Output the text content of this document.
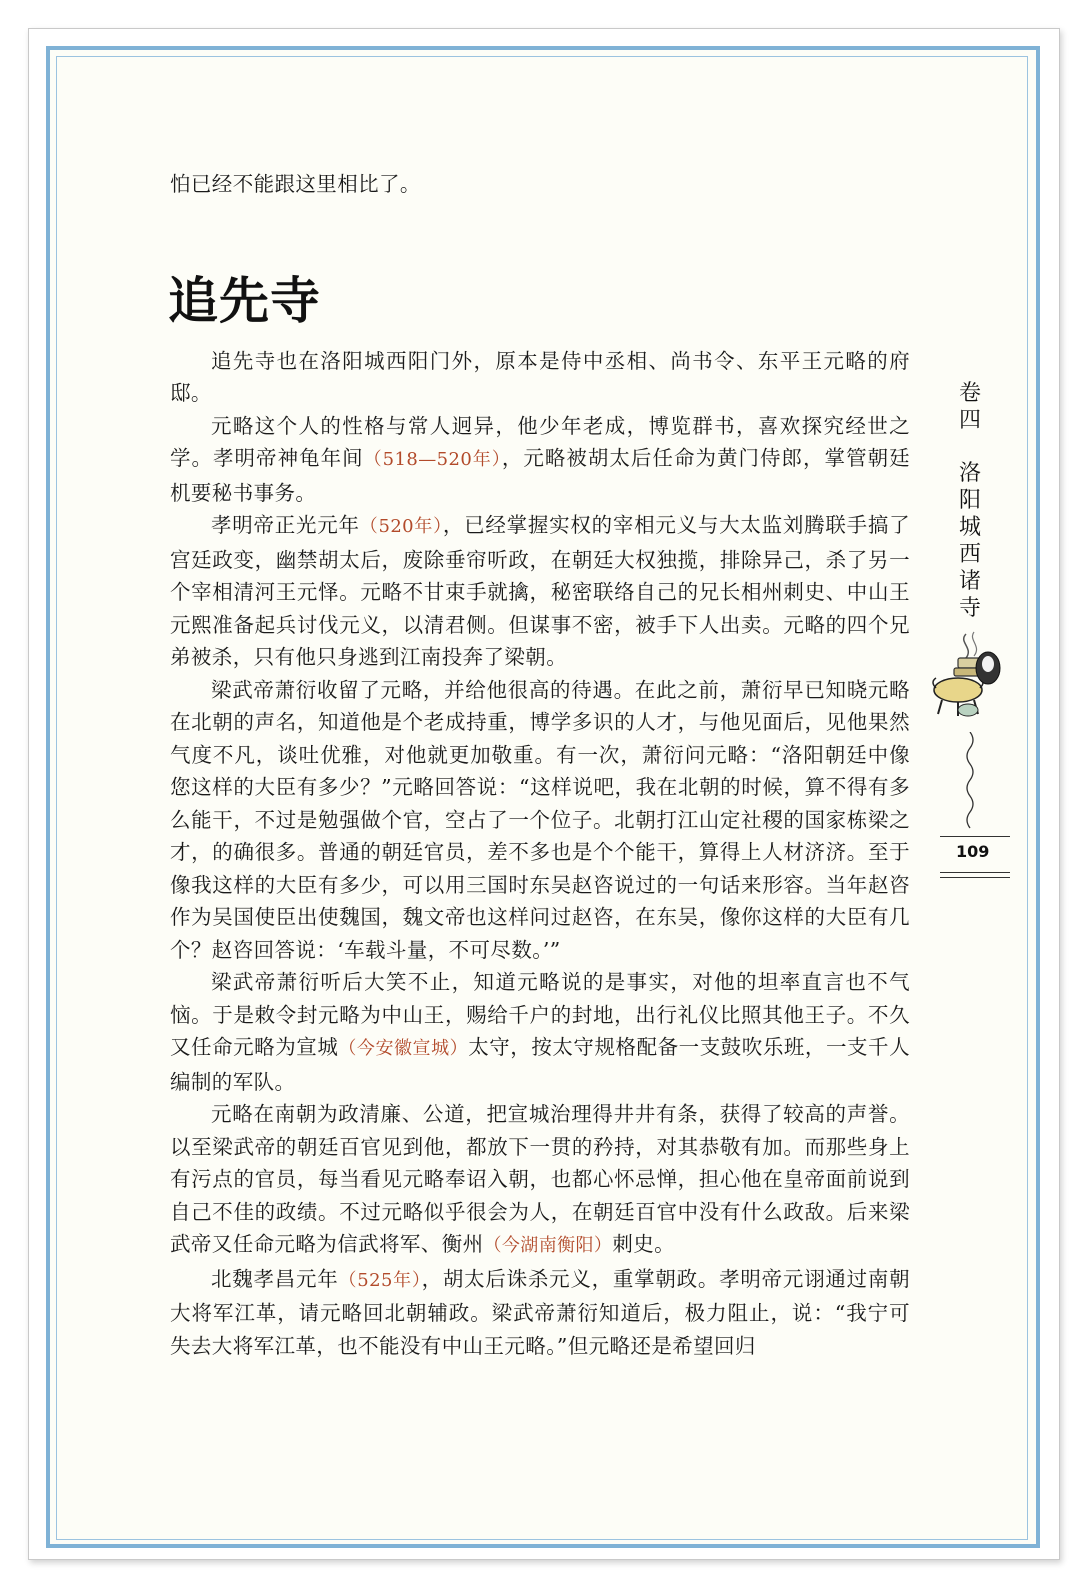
怕已经不能跟这里相比了。

追先寺

追先寺也在洛阳城西阳门外，原本是侍中丞相、尚书令、东平王元略的府邸。

元略这个人的性格与常人迥异，他少年老成，博览群书，喜欢探究经世之学。孝明帝神龟年间（518—520年），元略被胡太后任命为黄门侍郎，掌管朝廷机要秘书事务。

孝明帝正光元年（520年），已经掌握实权的宰相元义与大太监刘腾联手搞了宫廷政变，幽禁胡太后，废除垂帘听政，在朝廷大权独揽，排除异己，杀了另一个宰相清河王元怿。元略不甘束手就擒，秘密联络自己的兄长相州刺史、中山王元熙准备起兵讨伐元义，以清君侧。但谋事不密，被手下人出卖。元略的四个兄弟被杀，只有他只身逃到江南投奔了梁朝。

梁武帝萧衍收留了元略，并给他很高的待遇。在此之前，萧衍早已知晓元略在北朝的声名，知道他是个老成持重，博学多识的人才，与他见面后，见他果然气度不凡，谈吐优雅，对他就更加敬重。有一次，萧衍问元略：“洛阳朝廷中像您这样的大臣有多少？”元略回答说：“这样说吧，我在北朝的时候，算不得有多么能干，不过是勉强做个官，空占了一个位子。北朝打江山定社稷的国家栋梁之才，的确很多。普通的朝廷官员，差不多也是个个能干，算得上人材济济。至于像我这样的大臣有多少，可以用三国时东吴赵咨说过的一句话来形容。当年赵咨作为吴国使臣出使魏国，魏文帝也这样问过赵咨，在东吴，像你这样的大臣有几个？赵咨回答说：‘车载斗量，不可尽数。’”

梁武帝萧衍听后大笑不止，知道元略说的是事实，对他的坦率直言也不气恼。于是敕令封元略为中山王，赐给千户的封地，出行礼仪比照其他王子。不久又任命元略为宣城（今安徽宣城）太守，按太守规格配备一支鼓吹乐班，一支千人编制的军队。

元略在南朝为政清廉、公道，把宣城治理得井井有条，获得了较高的声誉。以至梁武帝的朝廷百官见到他，都放下一贯的矜持，对其恭敬有加。而那些身上有污点的官员，每当看见元略奉诏入朝，也都心怀忌惮，担心他在皇帝面前说到自己不佳的政绩。不过元略似乎很会为人，在朝廷百官中没有什么政敌。后来梁武帝又任命元略为信武将军、衡州（今湖南衡阳）刺史。

北魏孝昌元年（525年），胡太后诛杀元义，重掌朝政。孝明帝元诩通过南朝大将军江革，请元略回北朝辅政。梁武帝萧衍知道后，极力阻止，说：“我宁可失去大将军江革，也不能没有中山王元略。”但元略还是希望回归

卷
四
洛
阳
城
西
诸
寺
109
